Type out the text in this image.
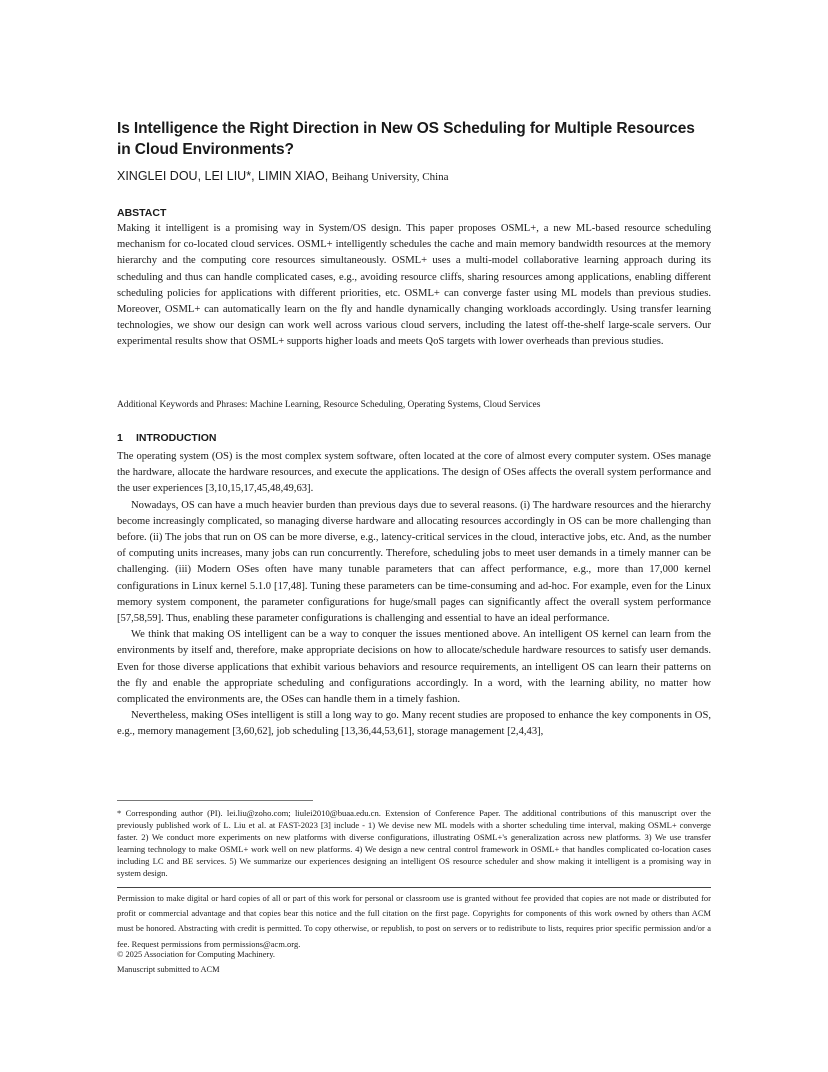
Is Intelligence the Right Direction in New OS Scheduling for Multiple Resources in Cloud Environments?
XINGLEI DOU, LEI LIU*, LIMIN XIAO, Beihang University, China
ABSTACT
Making it intelligent is a promising way in System/OS design. This paper proposes OSML+, a new ML-based resource scheduling mechanism for co-located cloud services. OSML+ intelligently schedules the cache and main memory bandwidth resources at the memory hierarchy and the computing core resources simultaneously. OSML+ uses a multi-model collaborative learning approach during its scheduling and thus can handle complicated cases, e.g., avoiding resource cliffs, sharing resources among applications, enabling different scheduling policies for applications with different priorities, etc. OSML+ can converge faster using ML models than previous studies. Moreover, OSML+ can automatically learn on the fly and handle dynamically changing workloads accordingly. Using transfer learning technologies, we show our design can work well across various cloud servers, including the latest off-the-shelf large-scale servers. Our experimental results show that OSML+ supports higher loads and meets QoS targets with lower overheads than previous studies.
Additional Keywords and Phrases: Machine Learning, Resource Scheduling, Operating Systems, Cloud Services
1 INTRODUCTION

The operating system (OS) is the most complex system software, often located at the core of almost every computer system. OSes manage the hardware, allocate the hardware resources, and execute the applications. The design of OSes affects the overall system performance and the user experiences [3,10,15,17,45,48,49,63].

Nowadays, OS can have a much heavier burden than previous days due to several reasons. (i) The hardware resources and the hierarchy become increasingly complicated, so managing diverse hardware and allocating resources accordingly in OS can be more challenging than before. (ii) The jobs that run on OS can be more diverse, e.g., latency-critical services in the cloud, interactive jobs, etc. And, as the number of computing units increases, many jobs can run concurrently. Therefore, scheduling jobs to meet user demands in a timely manner can be challenging. (iii) Modern OSes often have many tunable parameters that can affect performance, e.g., more than 17,000 kernel configurations in Linux kernel 5.1.0 [17,48]. Tuning these parameters can be time-consuming and ad-hoc. For example, even for the Linux memory system component, the parameter configurations for huge/small pages can significantly affect the overall system performance [57,58,59]. Thus, enabling these parameter configurations is challenging and essential to have an ideal performance.

We think that making OS intelligent can be a way to conquer the issues mentioned above. An intelligent OS kernel can learn from the environments by itself and, therefore, make appropriate decisions on how to allocate/schedule hardware resources to satisfy user demands. Even for those diverse applications that exhibit various behaviors and resource requirements, an intelligent OS can learn their patterns on the fly and enable the appropriate scheduling and configurations accordingly. In a word, with the learning ability, no matter how complicated the environments are, the OSes can handle them in a timely fashion.

Nevertheless, making OSes intelligent is still a long way to go. Many recent studies are proposed to enhance the key components in OS, e.g., memory management [3,60,62], job scheduling [13,36,44,53,61], storage management [2,4,43],

* Corresponding author (PI). lei.liu@zoho.com; liulei2010@buaa.edu.cn. Extension of Conference Paper. The additional contributions of this manuscript over the previously published work of L. Liu et al. at FAST-2023 [3] include - 1) We devise new ML models with a shorter scheduling time interval, making OSML+ converge faster. 2) We conduct more experiments on new platforms with diverse configurations, illustrating OSML+'s generalization across new platforms. 3) We use transfer learning technology to make OSML+ work well on new platforms. 4) We design a new central control framework in OSML+ that handles complicated co-location cases including LC and BE services. 5) We summarize our experiences designing an intelligent OS resource scheduler and show making it intelligent is a promising way in system design.
Permission to make digital or hard copies of all or part of this work for personal or classroom use is granted without fee provided that copies are not made or distributed for profit or commercial advantage and that copies bear this notice and the full citation on the first page. Copyrights for components of this work owned by others than ACM must be honored. Abstracting with credit is permitted. To copy otherwise, or republish, to post on servers or to redistribute to lists, requires prior specific permission and/or a fee. Request permissions from permissions@acm.org.
© 2025 Association for Computing Machinery.
Manuscript submitted to ACM
